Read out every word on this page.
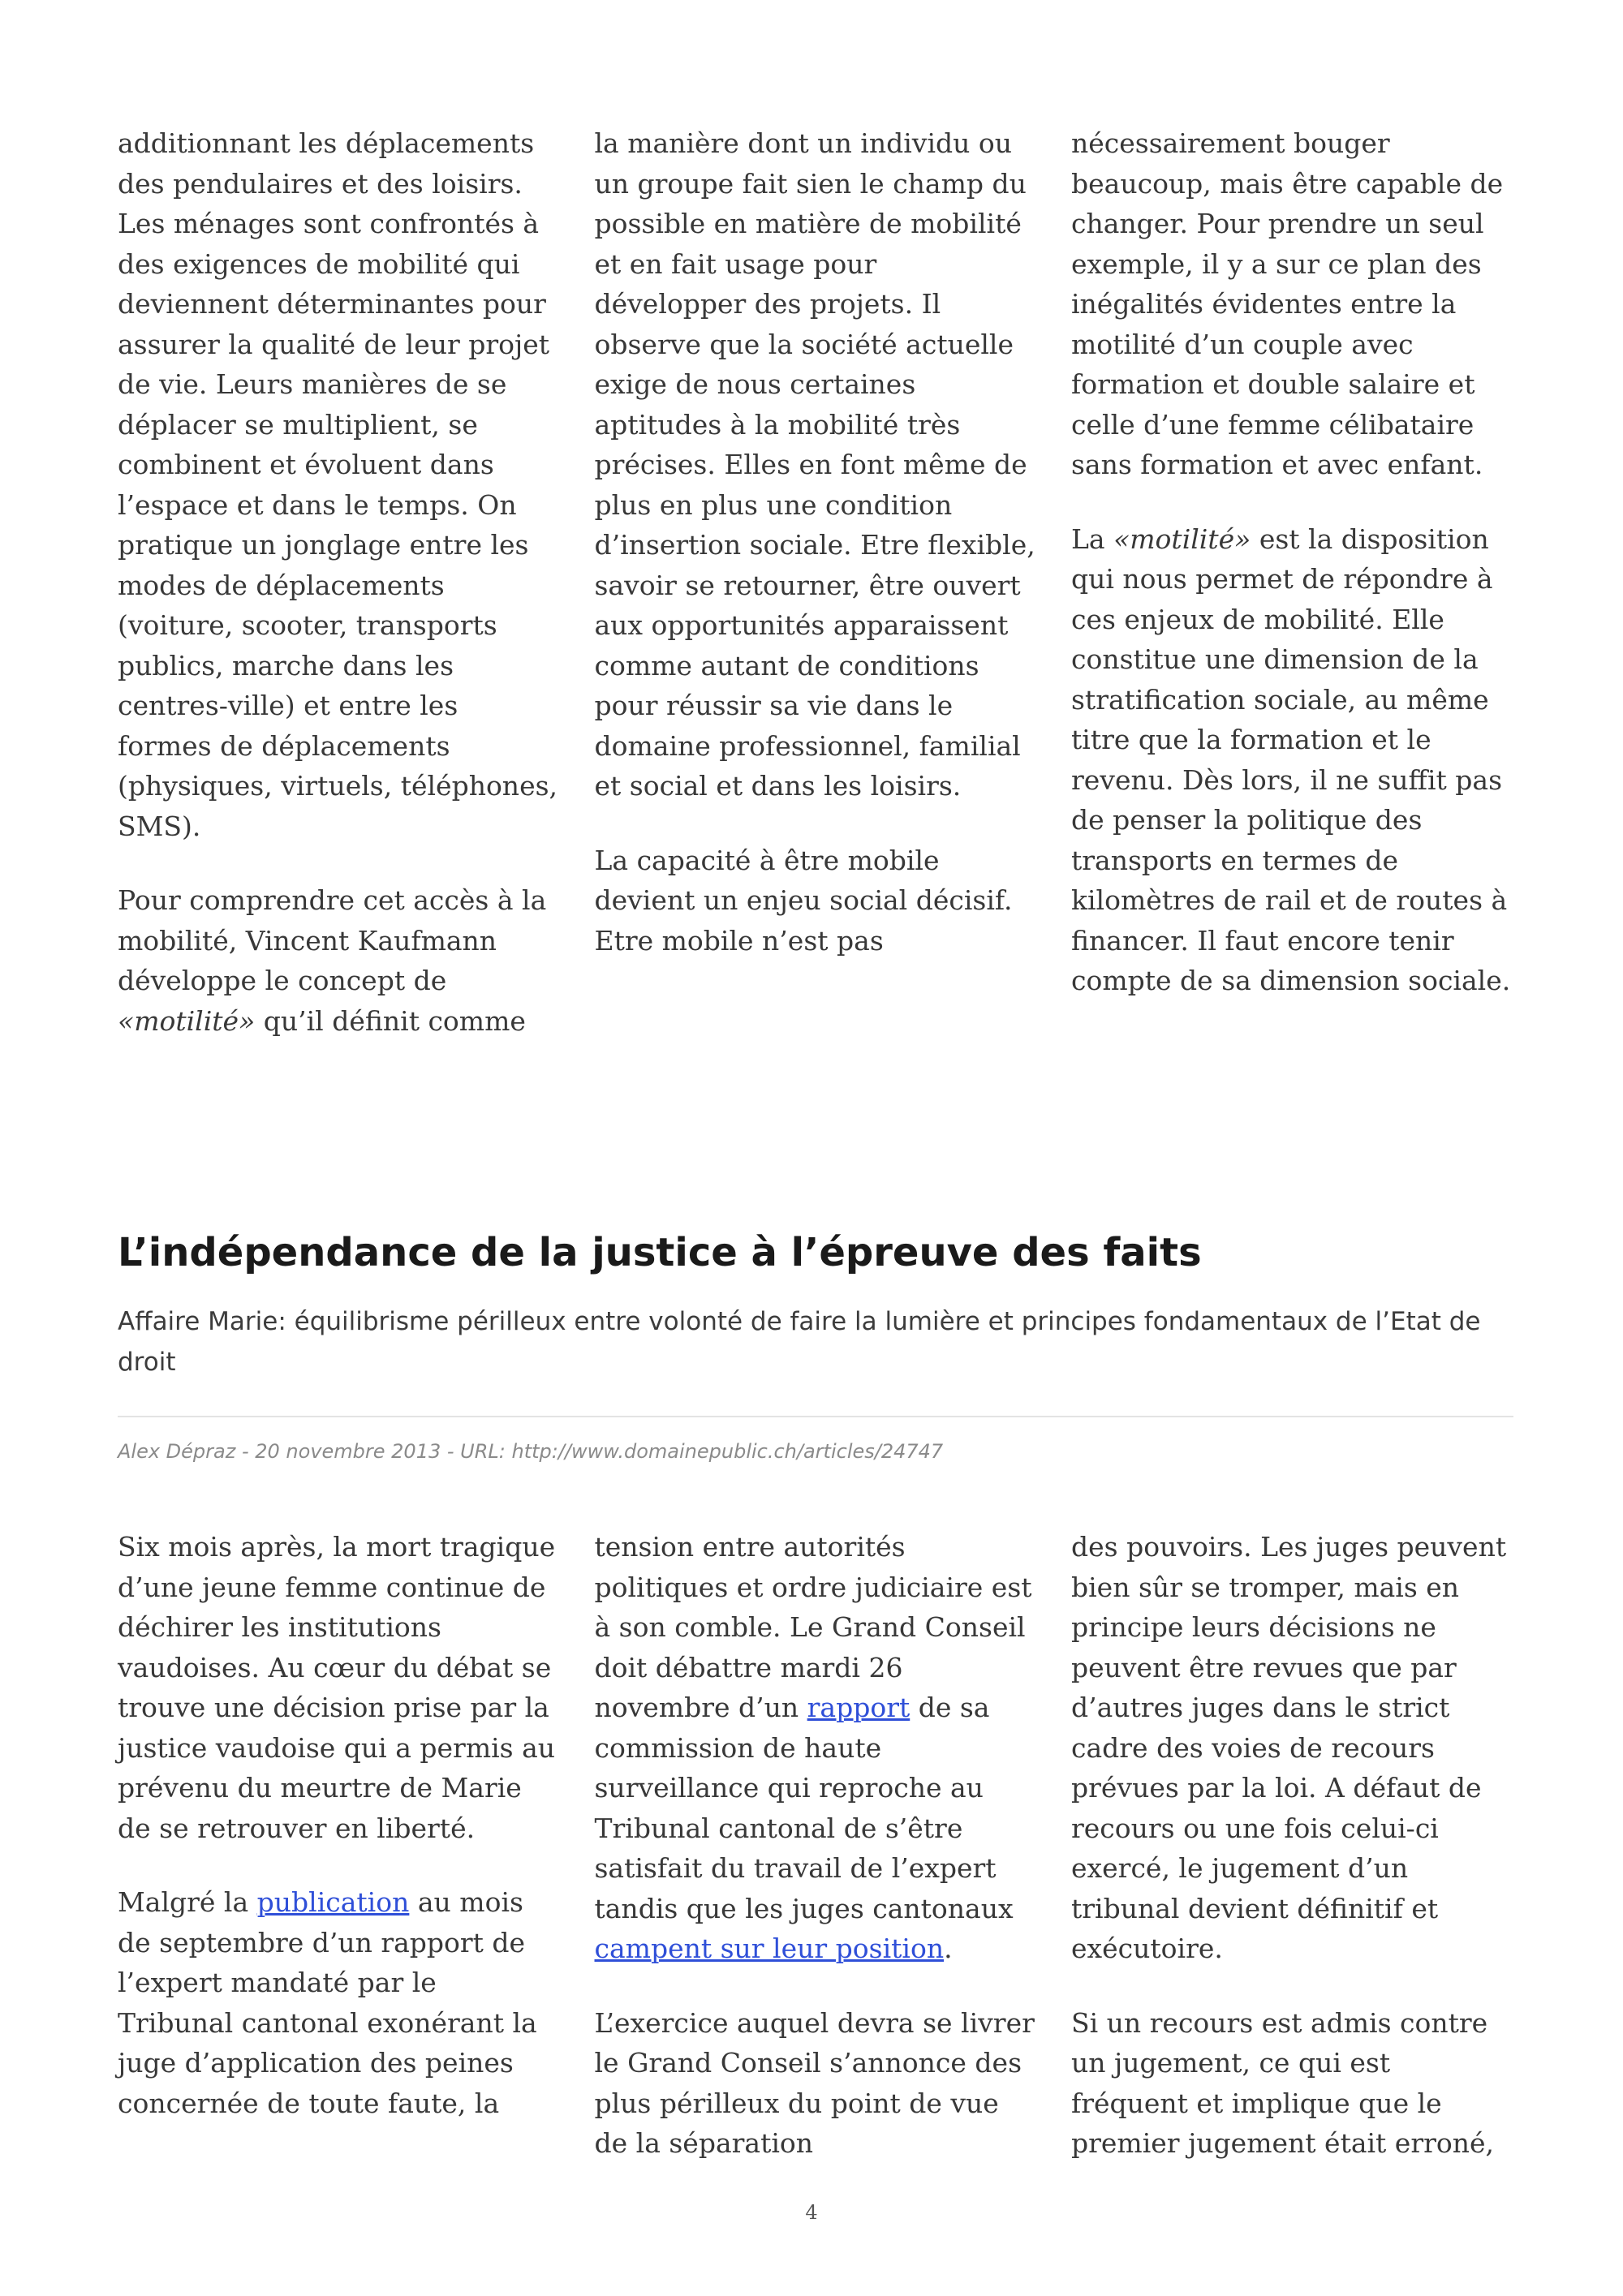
additionnant les déplacements des pendulaires et des loisirs. Les ménages sont confrontés à des exigences de mobilité qui deviennent déterminantes pour assurer la qualité de leur projet de vie. Leurs manières de se déplacer se multiplient, se combinent et évoluent dans l’espace et dans le temps. On pratique un jonglage entre les modes de déplacements (voiture, scooter, transports publics, marche dans les centres-ville) et entre les formes de déplacements (physiques, virtuels, téléphones, SMS).

Pour comprendre cet accès à la mobilité, Vincent Kaufmann développe le concept de «motilité» qu’il définit comme

la manière dont un individu ou un groupe fait sien le champ du possible en matière de mobilité et en fait usage pour développer des projets. Il observe que la société actuelle exige de nous certaines aptitudes à la mobilité très précises. Elles en font même de plus en plus une condition d’insertion sociale. Etre flexible, savoir se retourner, être ouvert aux opportunités apparaissent comme autant de conditions pour réussir sa vie dans le domaine professionnel, familial et social et dans les loisirs.

La capacité à être mobile devient un enjeu social décisif. Etre mobile n’est pas

nécessairement bouger beaucoup, mais être capable de changer. Pour prendre un seul exemple, il y a sur ce plan des inégalités évidentes entre la motilité d’un couple avec formation et double salaire et celle d’une femme célibataire sans formation et avec enfant.

La «motilité» est la disposition qui nous permet de répondre à ces enjeux de mobilité. Elle constitue une dimension de la stratification sociale, au même titre que la formation et le revenu. Dès lors, il ne suffit pas de penser la politique des transports en termes de kilomètres de rail et de routes à financer. Il faut encore tenir compte de sa dimension sociale.

L’indépendance de la justice à l’épreuve des faits

Affaire Marie: équilibrisme périlleux entre volonté de faire la lumière et principes fondamentaux de l’Etat de droit

Alex Dépraz - 20 novembre 2013 - URL: http://www.domainepublic.ch/articles/24747

Six mois après, la mort tragique d’une jeune femme continue de déchirer les institutions vaudoises. Au cœur du débat se trouve une décision prise par la justice vaudoise qui a permis au prévenu du meurtre de Marie de se retrouver en liberté.

Malgré la publication au mois de septembre d’un rapport de l’expert mandaté par le Tribunal cantonal exonérant la juge d’application des peines concernée de toute faute, la

tension entre autorités politiques et ordre judiciaire est à son comble. Le Grand Conseil doit débattre mardi 26 novembre d’un rapport de sa commission de haute surveillance qui reproche au Tribunal cantonal de s’être satisfait du travail de l’expert tandis que les juges cantonaux campent sur leur position.

L’exercice auquel devra se livrer le Grand Conseil s’annonce des plus périlleux du point de vue de la séparation

des pouvoirs. Les juges peuvent bien sûr se tromper, mais en principe leurs décisions ne peuvent être revues que par d’autres juges dans le strict cadre des voies de recours prévues par la loi. A défaut de recours ou une fois celui-ci exercé, le jugement d’un tribunal devient définitif et exécutoire.

Si un recours est admis contre un jugement, ce qui est fréquent et implique que le premier jugement était erroné,

4
